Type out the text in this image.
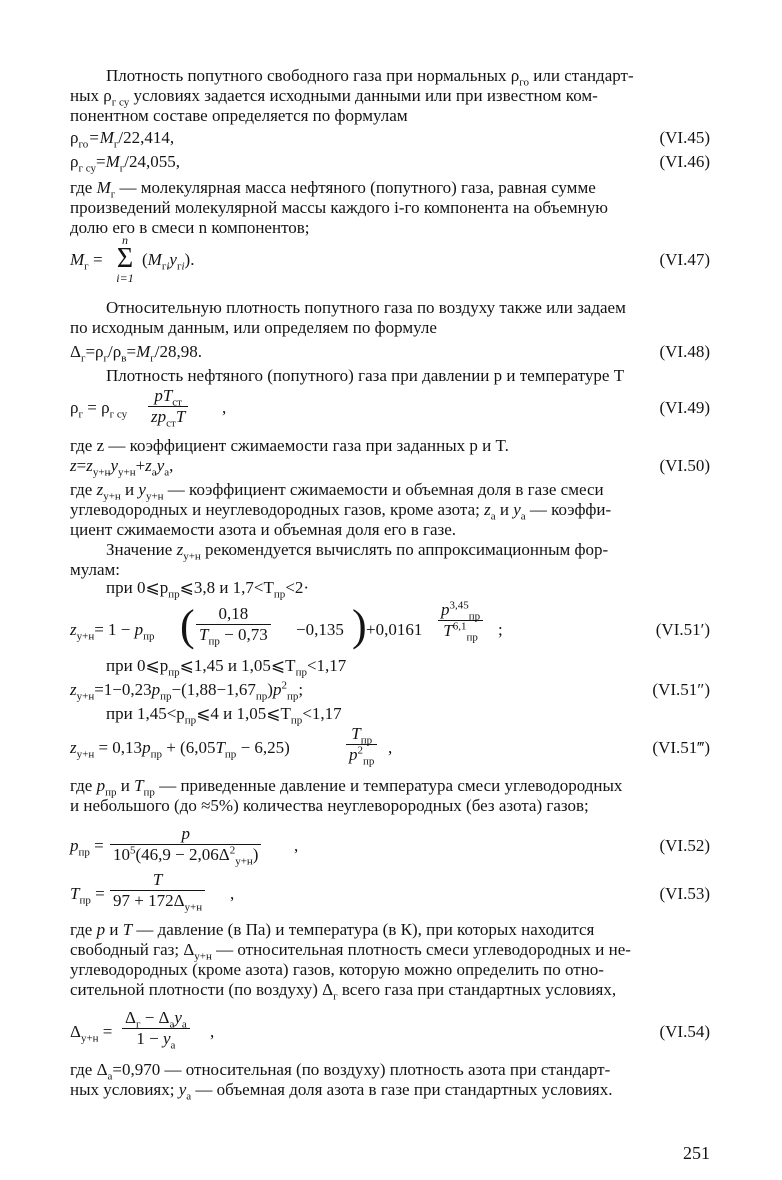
Плотность попутного свободного газа при нормальных $\rho_{го}$ или стандарт-
ных $\rho_{г су}$ условиях задается исходными данными или при известном ком-
понентном составе определяется по формулам
$\rho_{го}=M_г/22,414$,	(VI.45)
$\rho_{г су}=M_г/24,055$,	(VI.46)
где $M_г$ — молекулярная масса нефтяного (попутного) газа, равная сумме
произведений молекулярной массы каждого i-го компонента на объемную
долю его в смеси n компонентов;
$M_г$ =
n
Σ
i=1
$(M_{гi}y_{гi})$.	(VI.47)
Относительную плотность попутного газа по воздуху также или задаем
по исходным данным, или определяем по формуле
$\Delta_г=\rho_г/\rho_в=M_г/28,98$.	(VI.48)
Плотность нефтяного (попутного) газа при давлении p и температуре T
$\rho_г = \rho_{г су}$
$pT_{ст}$
$zp_{ст}T$ ,	(VI.49)
где z — коэффициент сжимаемости газа при заданных p и T.
$z=z_{у+н}y_{у+н}+z_аy_а$,	(VI.50)
где $z_{у+н}$ и $y_{у+н}$ — коэффициент сжимаемости и объемная доля в газе смеси
углеводородных и неуглеводородных газов, кроме азота; $z_а$ и $y_а$ — коэффи-
циент сжимаемости азота и объемная доля его в газе.
Значение $z_{у+н}$ рекомендуется вычислять по аппроксимационным фор-
мулам:
при $0⩽p_{пр}⩽3,8$ и $1,7<T_{пр}<2\cdot$
$z_{у+н}= 1 - p_{пр}$ (	0,18
$T_{пр} - 0,73 -0,135$ ) +0,0161
$p^{3,45}_{пр}$
T$^{6,1}_{пр}$	;	(VI.51′)
при $0⩽p_{пр}⩽1,45$ и $1,05⩽T_{пр}<1,17$
$z_{у+н}=1-0,23p_{пр}-(1,88-1,67_{пр})p^2_{пр}$;	(VI.51″)
при $1,45<p_{пр}⩽4$ и $1,05⩽T_{пр}<1,17$
$z_{у+н} = 0,13p_{пр} + (6,05T_{пр} - 6,25)$
$T_{пр}$
$p^2_{пр}$
,	(VI.51‴)
где $p_{пр}$ и $T_{пр}$ — приведенные давление и температура смеси углеводородных
и небольшого (до ≈5%) количества неуглеворородных (без азота) газов;
$p_{пр}$ =
p
$10^5(46,9 - 2,06\Delta^2_{у+н})$ ,	(VI.52)
$T_{пр}$ =
T
$97 + 172\Delta_{у+н}$
,	(VI.53)
где p и T — давление (в Па) и температура (в К), при которых находится
свободный газ; $\Delta_{у+н}$ — относительная плотность смеси углеводородных и не-
углеводородных (кроме азота) газов, которую можно определить по отно-
сительной плотности (по воздуху) $\Delta_г$ всего газа при стандартных условиях,
$\Delta_{у+н}$ =
$\Delta_г - \Delta_аy_а$
$1 - y_а$
,	(VI.54)
где $\Delta_а=0,970$ — относительная (по воздуху) плотность азота при стандарт-
ных условиях; $y_а$ — объемная доля азота в газе при стандартных условиях.
251
